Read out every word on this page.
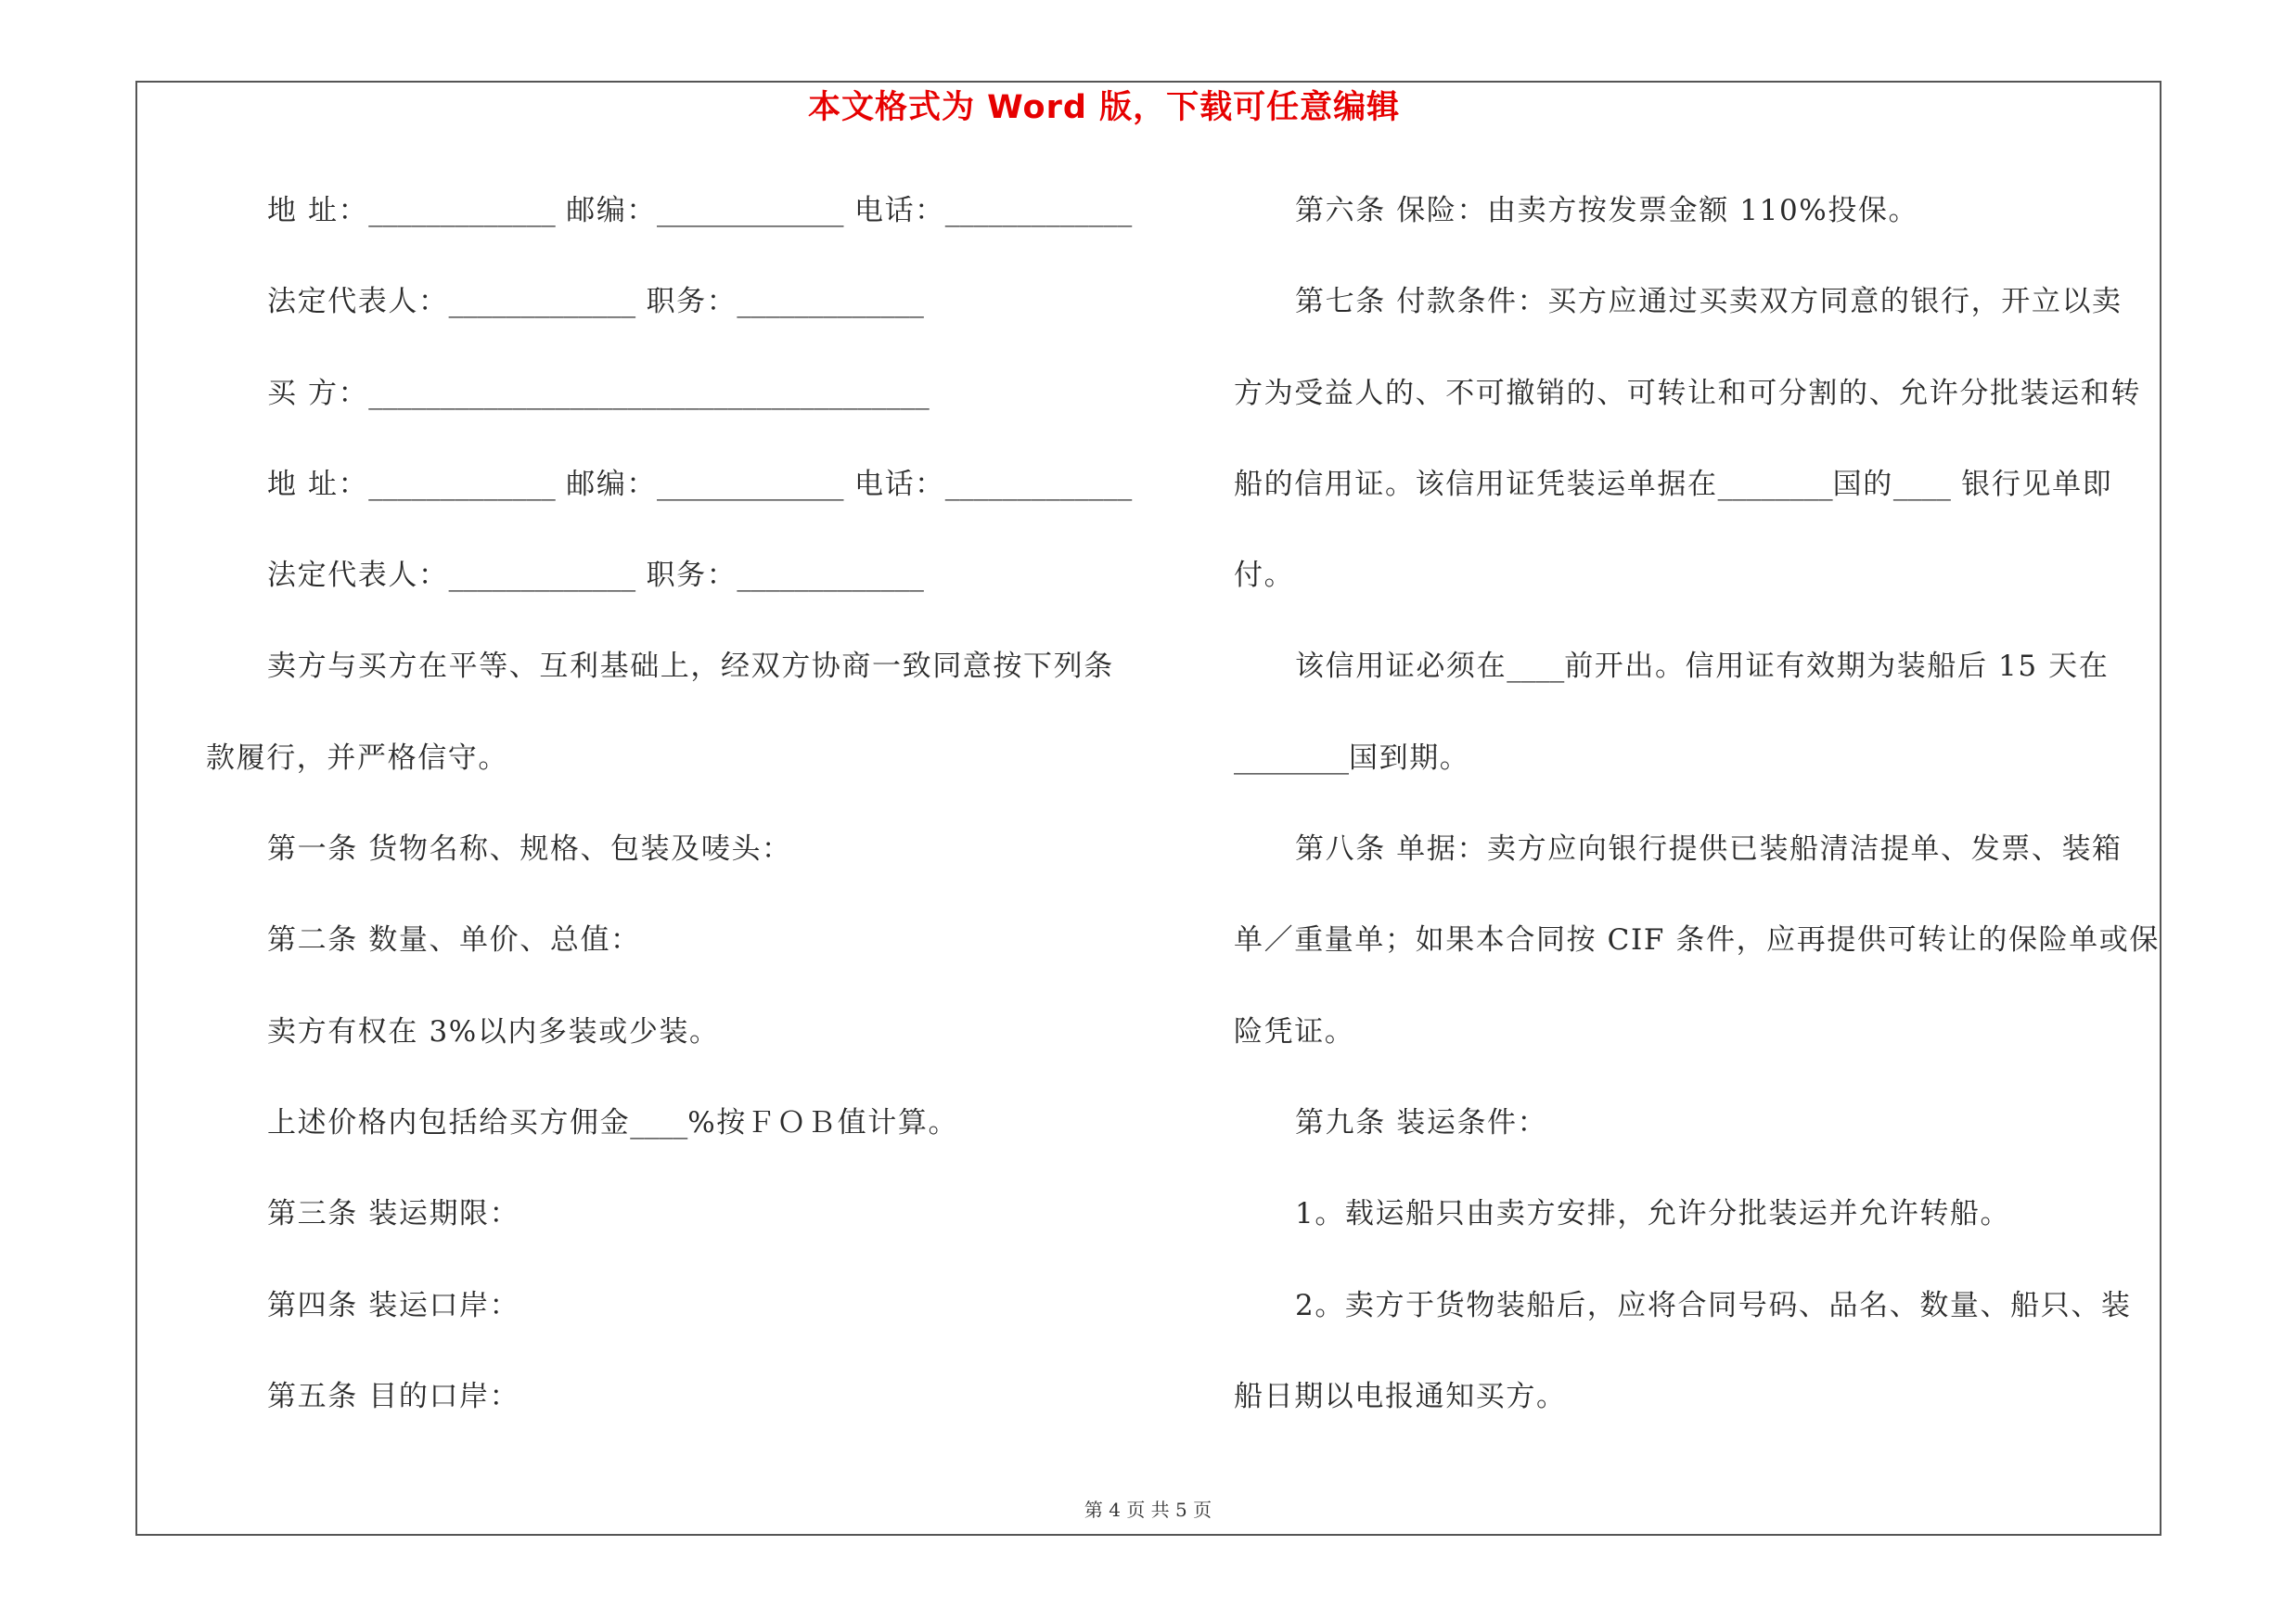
本文格式为 Word 版，下载可任意编辑
地 址：_____________ 邮编：_____________ 电话：_____________
法定代表人：_____________ 职务：_____________
买 方：_______________________________________
地 址：_____________ 邮编：_____________ 电话：_____________
法定代表人：_____________ 职务：_____________
卖方与买方在平等、互利基础上，经双方协商一致同意按下列条
款履行，并严格信守。
第一条 货物名称、规格、包装及唛头：
第二条 数量、单价、总值：
卖方有权在 3%以内多装或少装。
上述价格内包括给买方佣金____%按ＦＯＢ值计算。
第三条 装运期限：
第四条 装运口岸：
第五条 目的口岸：
第六条 保险：由卖方按发票金额 110%投保。
第七条 付款条件：买方应通过买卖双方同意的银行，开立以卖
方为受益人的、不可撤销的、可转让和可分割的、允许分批装运和转
船的信用证。该信用证凭装运单据在________国的____ 银行见单即
付。
该信用证必须在____前开出。信用证有效期为装船后 15 天在
________国到期。
第八条 单据：卖方应向银行提供已装船清洁提单、发票、装箱
单／重量单；如果本合同按 CIF 条件，应再提供可转让的保险单或保
险凭证。
第九条 装运条件：
1。载运船只由卖方安排，允许分批装运并允许转船。
2。卖方于货物装船后，应将合同号码、品名、数量、船只、装
船日期以电报通知买方。
第 4 页 共 5 页
